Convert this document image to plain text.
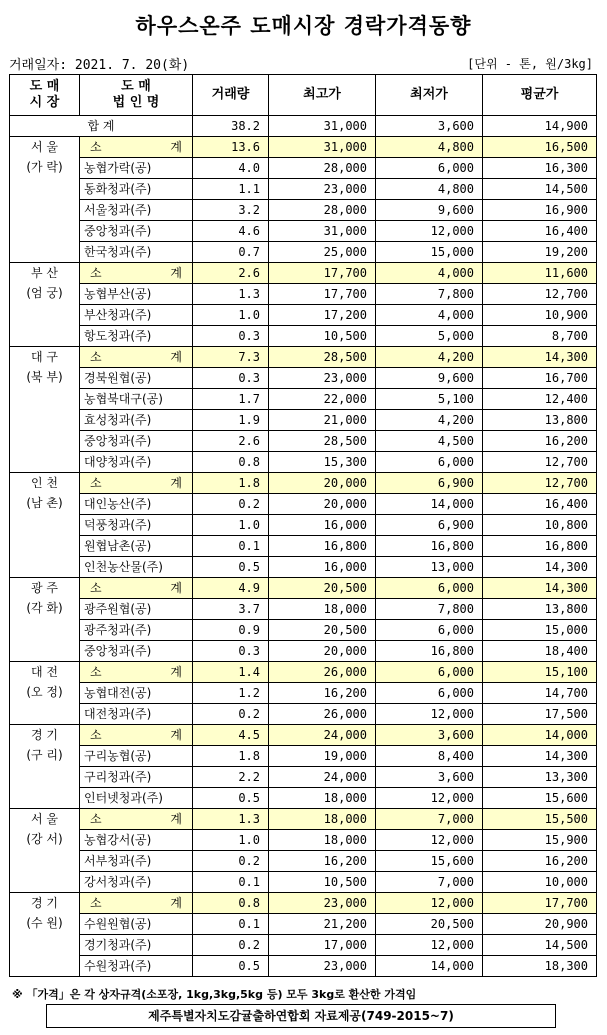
하우스온주 도매시장 경락가격동향
거래일자: 2021. 7. 20(화)	[단위 - 톤, 원/3kg]
도 매
시 장	도 매
법 인 명	거래량	최고가	최저가	평균가
합 계		38.2	31,000	3,600	14,900
서 울
(가 락)	소 계	13.6	31,000	4,800	16,500
	농협가락(공)	4.0	28,000	6,000	16,300
	동화청과(주)	1.1	23,000	4,800	14,500
	서울청과(주)	3.2	28,000	9,600	16,900
	중앙청과(주)	4.6	31,000	12,000	16,400
	한국청과(주)	0.7	25,000	15,000	19,200
부 산
(엄 궁)	소 계	2.6	17,700	4,000	11,600
	농협부산(공)	1.3	17,700	7,800	12,700
	부산청과(주)	1.0	17,200	4,000	10,900
	항도청과(주)	0.3	10,500	5,000	8,700
대 구
(북 부)	소 계	7.3	28,500	4,200	14,300
	경북원협(공)	0.3	23,000	9,600	16,700
	농협북대구(공)	1.7	22,000	5,100	12,400
	효성청과(주)	1.9	21,000	4,200	13,800
	중앙청과(주)	2.6	28,500	4,500	16,200
	대양청과(주)	0.8	15,300	6,000	12,700
인 천
(남 촌)	소 계	1.8	20,000	6,900	12,700
	대인농산(주)	0.2	20,000	14,000	16,400
	덕풍청과(주)	1.0	16,000	6,900	10,800
	원협남촌(공)	0.1	16,800	16,800	16,800
	인천농산물(주)	0.5	16,000	13,000	14,300
광 주
(각 화)	소 계	4.9	20,500	6,000	14,300
	광주원협(공)	3.7	18,000	7,800	13,800
	광주청과(주)	0.9	20,500	6,000	15,000
	중앙청과(주)	0.3	20,000	16,800	18,400
대 전
(오 정)	소 계	1.4	26,000	6,000	15,100
	농협대전(공)	1.2	16,200	6,000	14,700
	대전청과(주)	0.2	26,000	12,000	17,500
경 기
(구 리)	소 계	4.5	24,000	3,600	14,000
	구리농협(공)	1.8	19,000	8,400	14,300
	구리청과(주)	2.2	24,000	3,600	13,300
	인터넷청과(주)	0.5	18,000	12,000	15,600
서 울
(강 서)	소 계	1.3	18,000	7,000	15,500
	농협강서(공)	1.0	18,000	12,000	15,900
	서부청과(주)	0.2	16,200	15,600	16,200
	강서청과(주)	0.1	10,500	7,000	10,000
경 기
(수 원)	소 계	0.8	23,000	12,000	17,700
	수원원협(공)	0.1	21,200	20,500	20,900
	경기청과(주)	0.2	17,000	12,000	14,500
	수원청과(주)	0.5	23,000	14,000	18,300
※ 「가격」은 각 상자규격(소포장, 1kg,3kg,5kg 등) 모두 3kg로 환산한 가격임
제주특별자치도감귤출하연합회 자료제공(749-2015~7)
